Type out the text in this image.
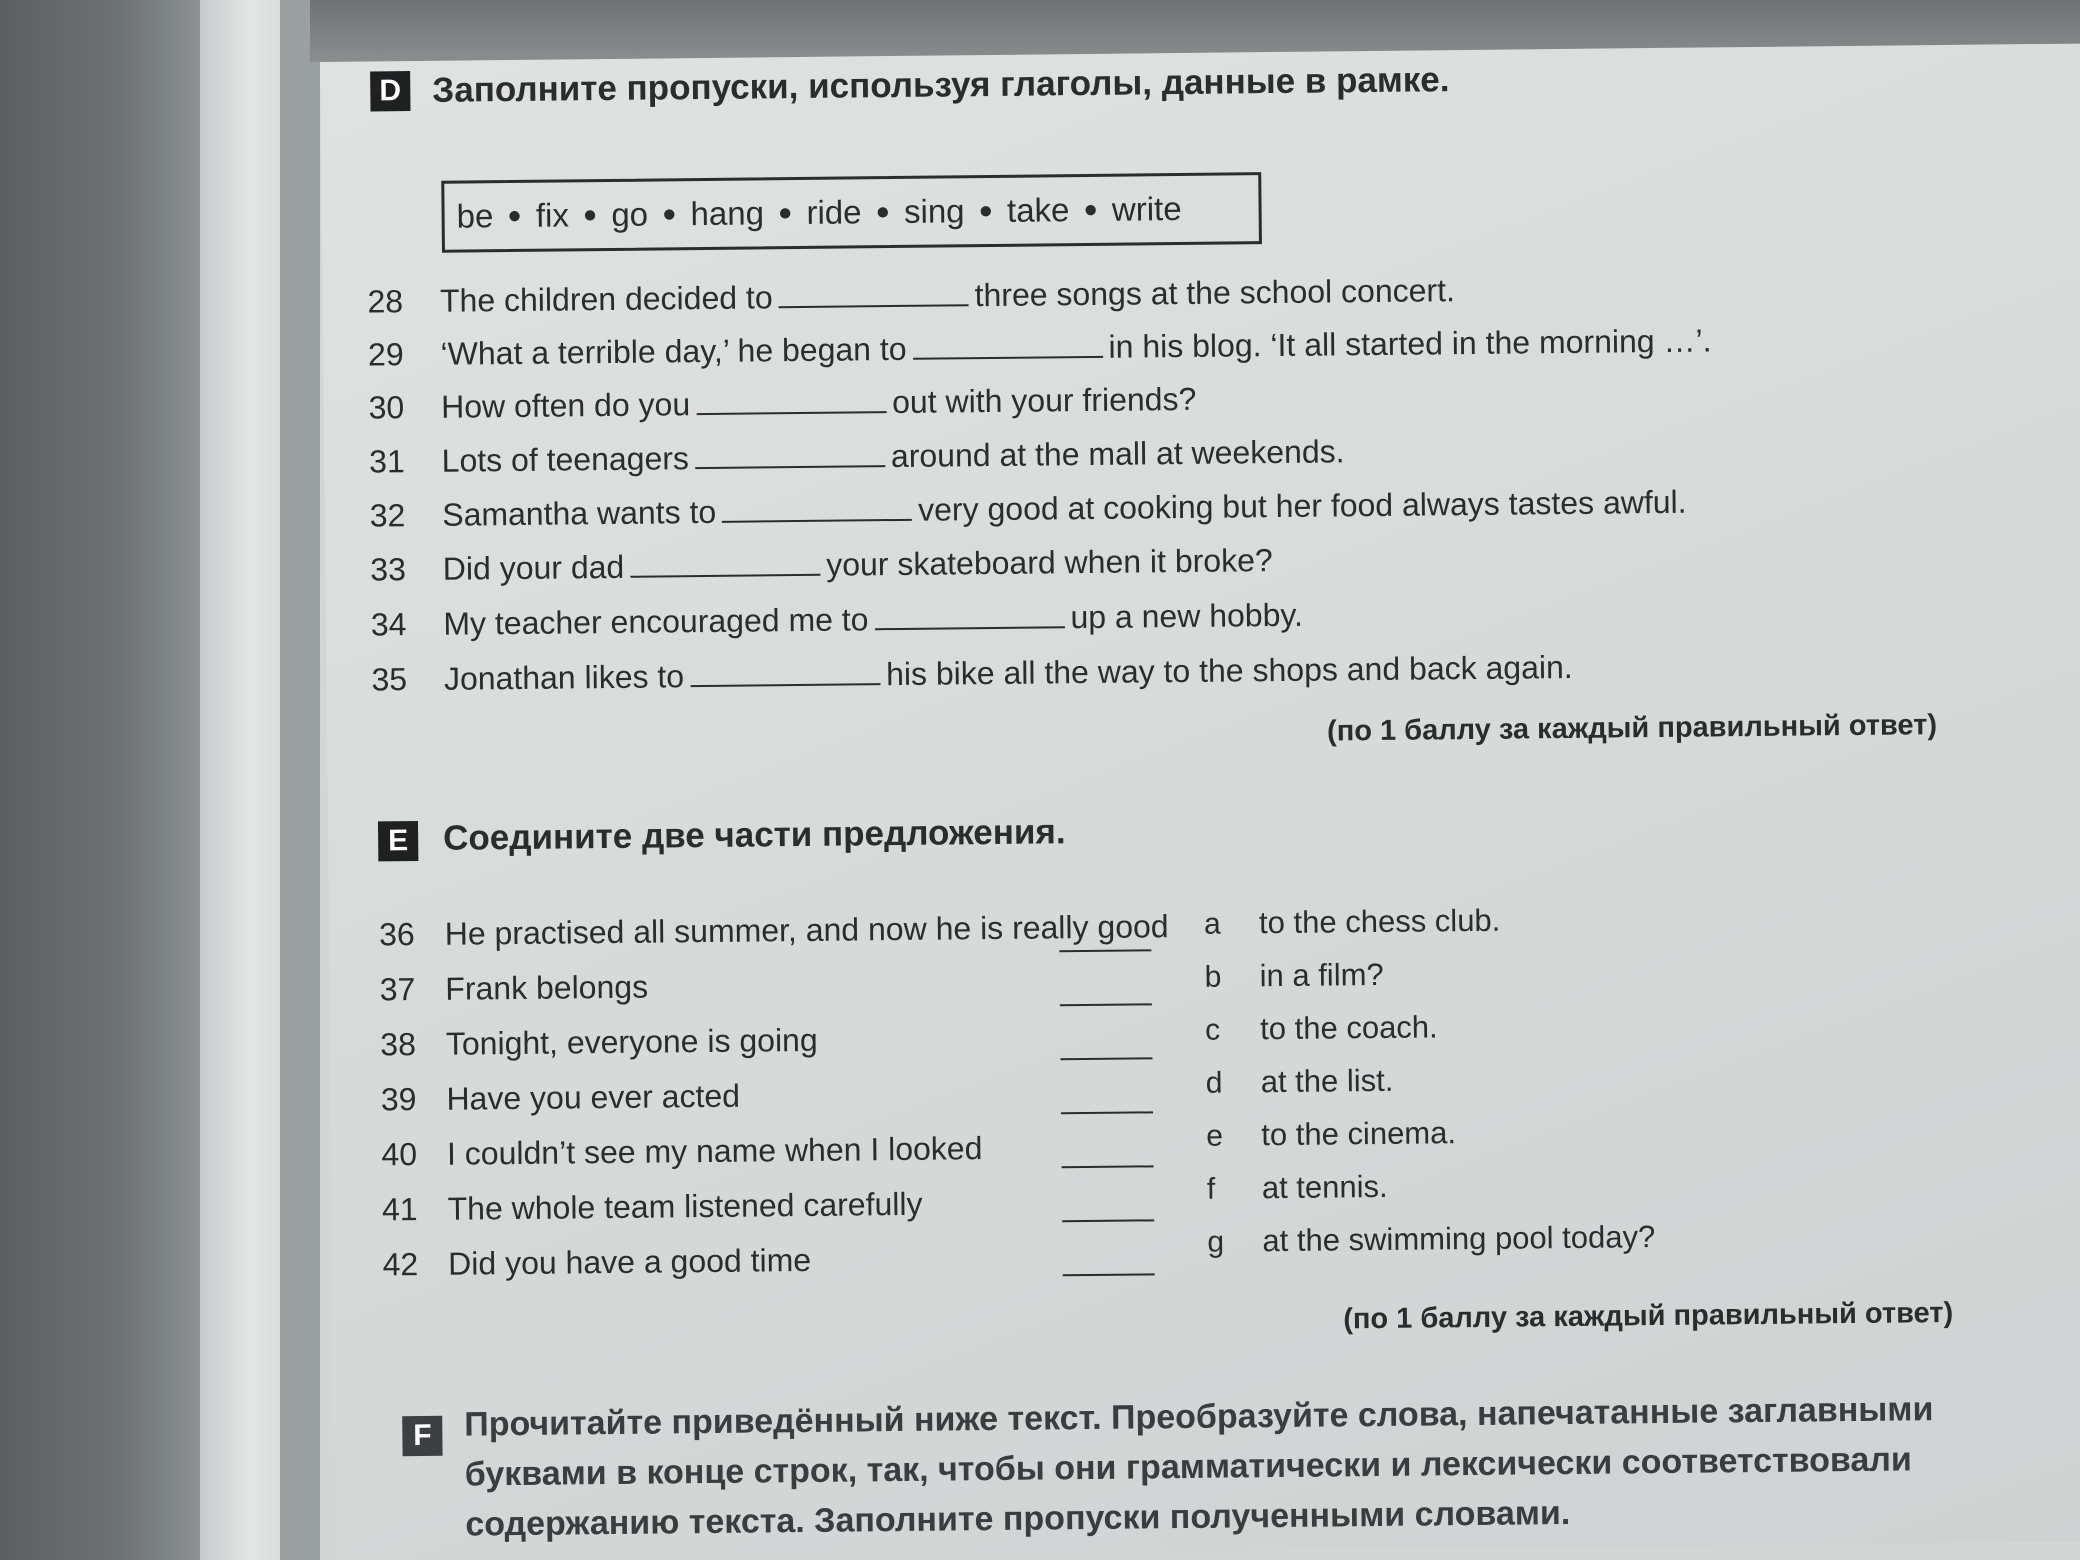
D Заполните пропуски, используя глаголы, данные в рамке.
be ● fix ● go ● hang ● ride ● sing ● take ● write
28 The children decided to	three songs at the school concert.
29 ‘What a terrible day,’ he began to	in his blog. ‘It all started in the morning …’.
30 How often do you	out with your friends?
31 Lots of teenagers	around at the mall at weekends.
32 Samantha wants to	very good at cooking but her food always tastes awful.
33 Did your dad	your skateboard when it broke?
34 My teacher encouraged me to	up a new hobby.
35 Jonathan likes to	his bike all the way to the shops and back again.
(по 1 баллу за каждый правильный ответ)
E Соедините две части предложения.
36 He practised all summer, and now he is really good
37 Frank belongs
38 Tonight, everyone is going
39 Have you ever acted
40 I couldn’t see my name when I looked
41 The whole team listened carefully
42 Did you have a good time
a to the chess club.
b in a film?
c to the coach.
d at the list.
e to the cinema.
f at tennis.
g at the swimming pool today?
(по 1 баллу за каждый правильный ответ)
F Прочитайте приведённый ниже текст. Преобразуйте слова, напечатанные заглавными
буквами в конце строк, так, чтобы они грамматически и лексически соответствовали
содержанию текста. Заполните пропуски полученными словами.
